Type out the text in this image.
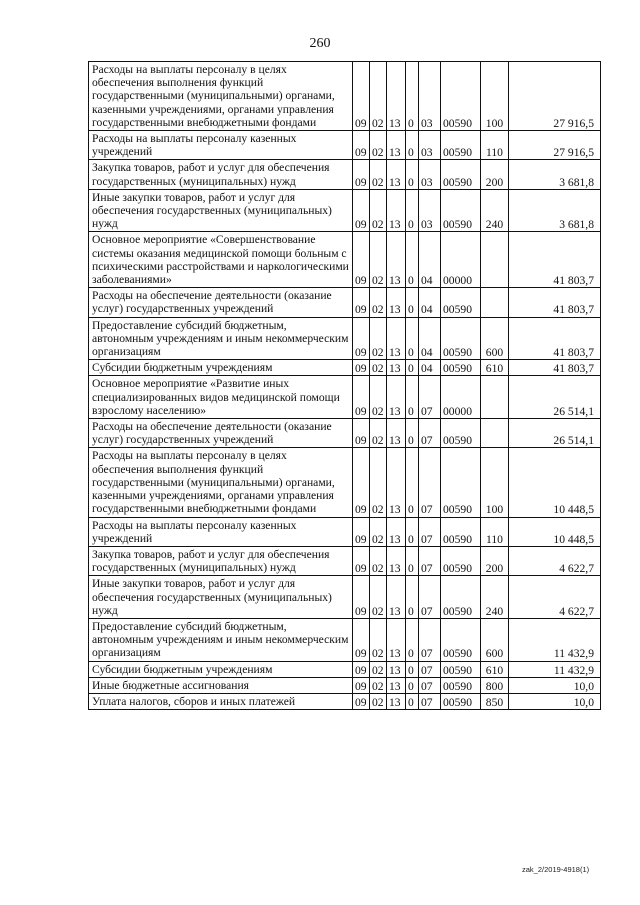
260
Расходы на выплаты персоналу в целях обеспечения выполнения функций государственными (муниципальными) органами, казенными учреждениями, органами управления государственными внебюджетными фондами	09	02	13	0	03	00590	100	27 916,5
Расходы на выплаты персоналу казенных учреждений	09	02	13	0	03	00590	110	27 916,5
Закупка товаров, работ и услуг для обеспечения государственных (муниципальных) нужд	09	02	13	0	03	00590	200	3 681,8
Иные закупки товаров, работ и услуг для обеспечения государственных (муниципальных) нужд	09	02	13	0	03	00590	240	3 681,8
Основное мероприятие «Совершенствование системы оказания медицинской помощи больным с психическими расстройствами и наркологическими заболеваниями»	09	02	13	0	04	00000		41 803,7
Расходы на обеспечение деятельности (оказание услуг) государственных учреждений	09	02	13	0	04	00590		41 803,7
Предоставление субсидий бюджетным, автономным учреждениям и иным некоммерческим организациям	09	02	13	0	04	00590	600	41 803,7
Субсидии бюджетным учреждениям	09	02	13	0	04	00590	610	41 803,7
Основное мероприятие «Развитие иных специализированных видов медицинской помощи взрослому населению»	09	02	13	0	07	00000		26 514,1
Расходы на обеспечение деятельности (оказание услуг) государственных учреждений	09	02	13	0	07	00590		26 514,1
Расходы на выплаты персоналу в целях обеспечения выполнения функций государственными (муниципальными) органами, казенными учреждениями, органами управления государственными внебюджетными фондами	09	02	13	0	07	00590	100	10 448,5
Расходы на выплаты персоналу казенных учреждений	09	02	13	0	07	00590	110	10 448,5
Закупка товаров, работ и услуг для обеспечения государственных (муниципальных) нужд	09	02	13	0	07	00590	200	4 622,7
Иные закупки товаров, работ и услуг для обеспечения государственных (муниципальных) нужд	09	02	13	0	07	00590	240	4 622,7
Предоставление субсидий бюджетным, автономным учреждениям и иным некоммерческим организациям	09	02	13	0	07	00590	600	11 432,9
Субсидии бюджетным учреждениям	09	02	13	0	07	00590	610	11 432,9
Иные бюджетные ассигнования	09	02	13	0	07	00590	800	10,0
Уплата налогов, сборов и иных платежей	09	02	13	0	07	00590	850	10,0
zak_2/2019-4918(1)
